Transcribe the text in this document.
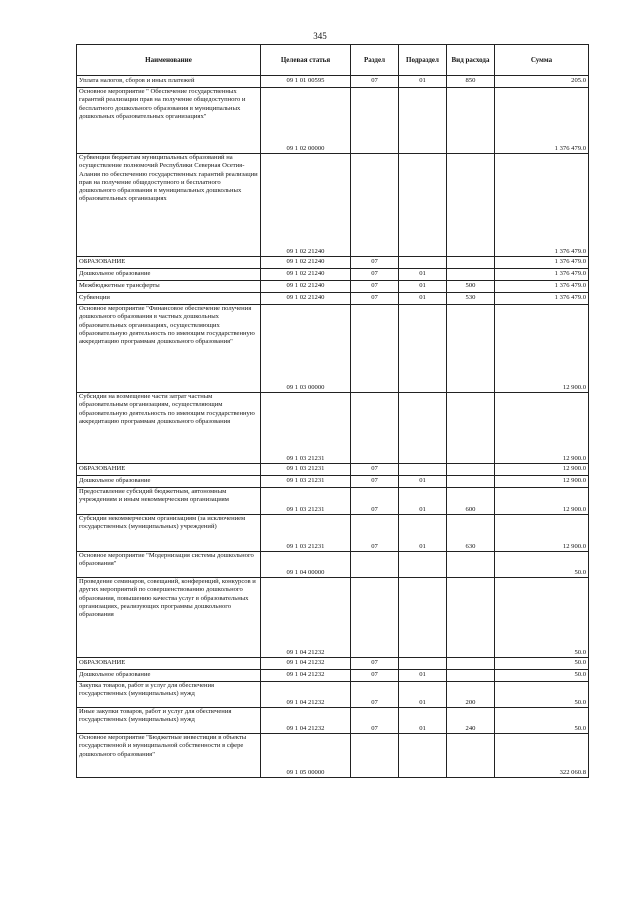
345
Наименование	Целевая статья	Раздел	Подраздел	Вид расхода	Сумма
Уплата налогов, сборов и иных платежей	09 1 01 00595	07	01	850	205.0
Основное мероприятие " Обеспечение государственных гарантий реализации прав на получение общедоступного и бесплатного дошкольного образования в муниципальных дошкольных образовательных организациях"	09 1 02 00000				1 376 479.0
Субвенции бюджетам муниципальных образований на осуществление полномочий Республики Северная Осетия-Алания по обеспечению государственных гарантий реализации прав на получение общедоступного и бесплатного дошкольного образования в муниципальных дошкольных образовательных организациях	09 1 02 21240				1 376 479.0
ОБРАЗОВАНИЕ	09 1 02 21240	07			1 376 479.0
Дошкольное образование	09 1 02 21240	07	01		1 376 479.0
Межбюджетные трансферты	09 1 02 21240	07	01	500	1 376 479.0
Субвенции	09 1 02 21240	07	01	530	1 376 479.0
Основное мероприятие "Финансовое обеспечение получения дошкольного образования в частных дошкольных образовательных организациях, осуществляющих образовательную деятельность по имеющим государственную аккредитацию программам дошкольного образования"	09 1 03 00000				12 900.0
Субсидии на возмещение части затрат частным образовательным организациям, осуществляющим образовательную деятельность по имеющим государственную аккредитацию программам дошкольного образования	09 1 03 21231				12 900.0
ОБРАЗОВАНИЕ	09 1 03 21231	07			12 900.0
Дошкольное образование	09 1 03 21231	07	01		12 900.0
Предоставление субсидий бюджетным, автономным учреждениям и иным некоммерческим организациям	09 1 03 21231	07	01	600	12 900.0
Субсидии некоммерческим организациям (за исключением государственных (муниципальных) учреждений)	09 1 03 21231	07	01	630	12 900.0
Основное мероприятие "Модернизация системы дошкольного образования"	09 1 04 00000				50.0
Проведение семинаров, совещаний, конференций, конкурсов и других мероприятий по совершенствованию дошкольного образования, повышению качества услуг в образовательных организациях, реализующих программы дошкольного образования	09 1 04 21232				50.0
ОБРАЗОВАНИЕ	09 1 04 21232	07			50.0
Дошкольное образование	09 1 04 21232	07	01		50.0
Закупка товаров, работ и услуг для обеспечения государственных (муниципальных) нужд	09 1 04 21232	07	01	200	50.0
Иные закупки товаров, работ и услуг для обеспечения государственных (муниципальных) нужд	09 1 04 21232	07	01	240	50.0
Основное мероприятие "Бюджетные инвестиции в объекты государственной и муниципальной собственности в сфере дошкольного образования"	09 1 05 00000				322 060.8
